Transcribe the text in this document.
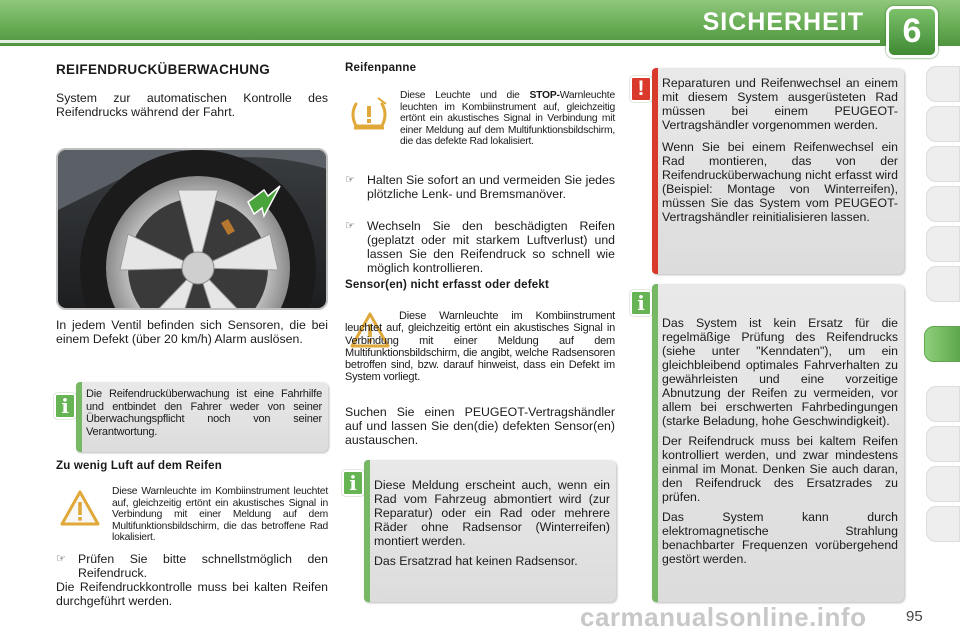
SICHERHEIT	6
REIFENDRUCKÜBERWACHUNG

System zur automatischen Kontrolle des Reifendrucks während der Fahrt.

In jedem Ventil befinden sich Sensoren, die bei einem Defekt (über 20 km/h) Alarm auslösen.

Die Reifendrucküberwachung ist eine Fahrhilfe und entbindet den Fahrer weder von seiner Überwachungspflicht noch von seiner Verantwortung.

i
Zu wenig Luft auf dem Reifen

Diese Warnleuchte im Kombiinstrument leuchtet auf, gleichzeitig ertönt ein akustisches Signal in Verbindung mit einer Meldung auf dem Multifunktionsbildschirm, die das betroffene Rad lokalisiert.

☞ Prüfen Sie bitte schnellstmöglich den Reifendruck.

Die Reifendruckkontrolle muss bei kalten Reifen durchgeführt werden.

Reifenpanne

Diese Leuchte und die STOP-Warnleuchte leuchten im Kombiinstrument auf, gleichzeitig ertönt ein akustisches Signal in Verbindung mit einer Meldung auf dem Multifunktionsbildschirm, die das defekte Rad lokalisiert.

☞ Halten Sie sofort an und vermeiden Sie jedes plötzliche Lenk- und Bremsmanöver.
☞ Wechseln Sie den beschädigten Reifen (geplatzt oder mit starkem Luftverlust) und lassen Sie den Reifendruck so schnell wie möglich kontrollieren.
Sensor(en) nicht erfasst oder defekt

Diese Warnleuchte im Kombiinstrument leuchtet auf, gleichzeitig ertönt ein akustisches Signal in Verbindung mit einer Meldung auf dem Multifunktionsbildschirm, die angibt, welche Radsensoren betroffen sind, bzw. darauf hinweist, dass ein Defekt im System vorliegt.

Suchen Sie einen PEUGEOT-Vertragshändler auf und lassen Sie den(die) defekten Sensor(en) austauschen.

Diese Meldung erscheint auch, wenn ein Rad vom Fahrzeug abmontiert wird (zur Reparatur) oder ein Rad oder mehrere Räder ohne Radsensor (Winterreifen) montiert werden.

Das Ersatzrad hat keinen Radsensor.

i

Reparaturen und Reifenwechsel an einem mit diesem System ausgerüsteten Rad müssen bei einem PEUGEOT-Vertragshändler vorgenommen werden.

Wenn Sie bei einem Reifenwechsel ein Rad montieren, das von der Reifendrucküberwachung nicht erfasst wird (Beispiel: Montage von Winterreifen), müssen Sie das System vom PEUGEOT-Vertragshändler reinitialisieren lassen.

!

Das System ist kein Ersatz für die regelmäßige Prüfung des Reifendrucks (siehe unter "Kenndaten"), um ein gleichbleibend optimales Fahrverhalten zu gewährleisten und eine vorzeitige Abnutzung der Reifen zu vermeiden, vor allem bei erschwerten Fahrbedingungen (starke Beladung, hohe Geschwindigkeit).

Der Reifendruck muss bei kaltem Reifen kontrolliert werden, und zwar mindestens einmal im Monat. Denken Sie auch daran, den Reifendruck des Ersatzrades zu prüfen.

Das System kann durch elektromagnetische Strahlung benachbarter Frequenzen vorübergehend gestört werden.

i
carmanualsonline.info	95
